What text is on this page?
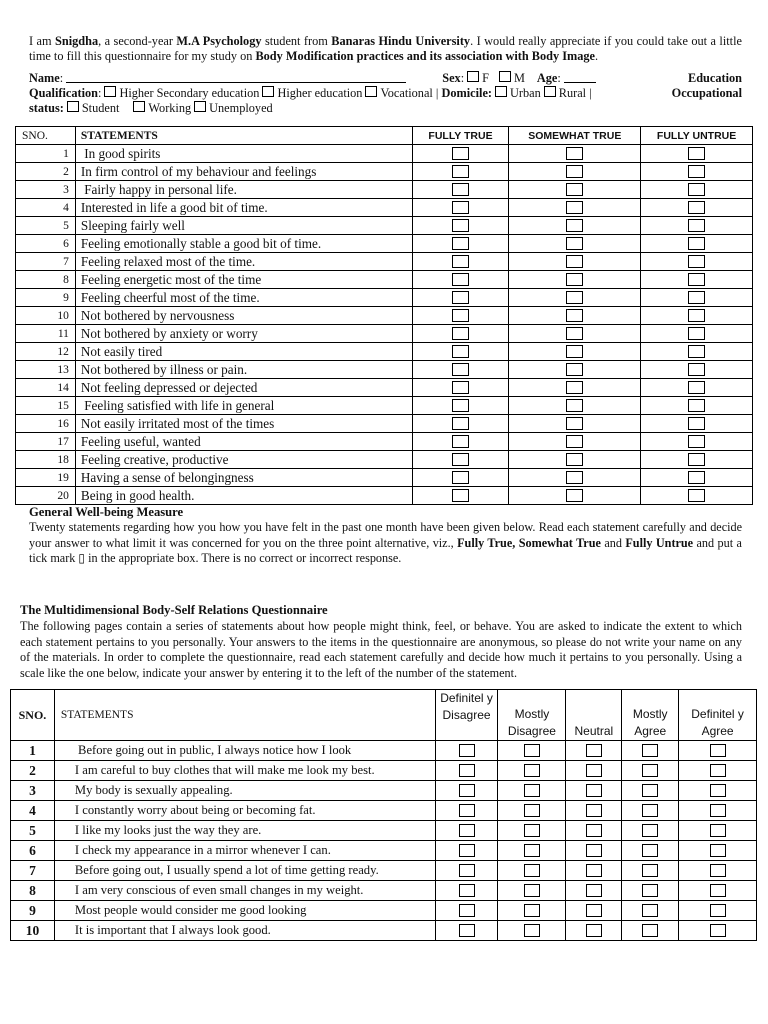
I am Snigdha, a second-year M.A Psychology student from Banaras Hindu University. I would really appreciate if you could take out a little time to fill this questionnaire for my study on Body Modification practices and its association with Body Image.
Name :	Sex : F M Age :	Education
Qualification : Higher Secondary education Higher education Vocational | Domicile: Urban Rural |	Occupational
status: Student Working Unemployed
SNO.	STATEMENTS	FULLY TRUE	SOMEWHAT TRUE	FULLY UNTRUE
1	In good spirits	

2	In firm control of my behaviour and feelings	

3	Fairly happy in personal life.	

4	Interested in life a good bit of time.	

5	Sleeping fairly well	

6	Feeling emotionally stable a good bit of time.	

7	Feeling relaxed most of the time.	

8	Feeling energetic most of the time	

9	Feeling cheerful most of the time.	

10	Not bothered by nervousness	

11	Not bothered by anxiety or worry	

12	Not easily tired	

13	Not bothered by illness or pain.	

14	Not feeling depressed or dejected	

15	Feeling satisfied with life in general	

16	Not easily irritated most of the times	

17	Feeling useful, wanted	

18	Feeling creative, productive	

19	Having a sense of belongingness	

20	Being in good health.	

General Well-being Measure
Twenty statements regarding how you how you have felt in the past one month have been given below. Read each statement carefully and decide your answer to what limit it was concerned for you on the three point alternative, viz., Fully True, Somewhat True and Fully Untrue and put a tick mark ▯ in the appropriate box. There is no correct or incorrect response.
The Multidimensional Body-Self Relations Questionnaire
The following pages contain a series of statements about how people might think, feel, or behave. You are asked to indicate the extent to which each statement pertains to you personally. Your answers to the items in the questionnaire are anonymous, so please do not write your name on any of the materials. In order to complete the questionnaire, read each statement carefully and decide how much it pertains to you personally. Using a scale like the one below, indicate your answer by entering it to the left of the number of the statement.
SNO.	STATEMENTS	Definitel y Disagree	Mostly Disagree	Neutral	Mostly Agree	Definitel y Agree
1	Before going out in public, I always notice how I look	

2	I am careful to buy clothes that will make me look my best.	

3	My body is sexually appealing.	

4	I constantly worry about being or becoming fat.	

5	I like my looks just the way they are.	

6	I check my appearance in a mirror whenever I can.	

7	Before going out, I usually spend a lot of time getting ready.	

8	I am very conscious of even small changes in my weight.	

9	Most people would consider me good looking	

10	It is important that I always look good.	
